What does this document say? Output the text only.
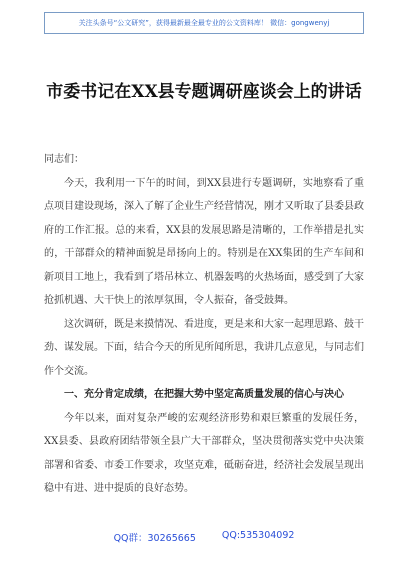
关注头条号“公文研究”，获得最新最全最专业的公文资料库！ 微信：gongwenyj
市委书记在XX县专题调研座谈会上的讲话

同志们：

今天，我利用一下午的时间，到XX县进行专题调研，实地察看了重点项目建设现场，深入了解了企业生产经营情况，刚才又听取了县委县政府的工作汇报。总的来看，XX县的发展思路是清晰的，工作举措是扎实的，干部群众的精神面貌是昂扬向上的。特别是在XX集团的生产车间和新项目工地上，我看到了塔吊林立、机器轰鸣的火热场面，感受到了大家抢抓机遇、大干快上的浓厚氛围，令人振奋，备受鼓舞。

这次调研，既是来摸情况、看进度，更是来和大家一起理思路、鼓干劲、谋发展。下面，结合今天的所见所闻所思，我讲几点意见，与同志们作个交流。

一、充分肯定成绩，在把握大势中坚定高质量发展的信心与决心

今年以来，面对复杂严峻的宏观经济形势和艰巨繁重的发展任务，XX县委、县政府团结带领全县广大干部群众，坚决贯彻落实党中央决策部署和省委、市委工作要求，攻坚克难，砥砺奋进，经济社会发展呈现出稳中有进、进中提质的良好态势。

QQ群：30265665	QQ:535304092
